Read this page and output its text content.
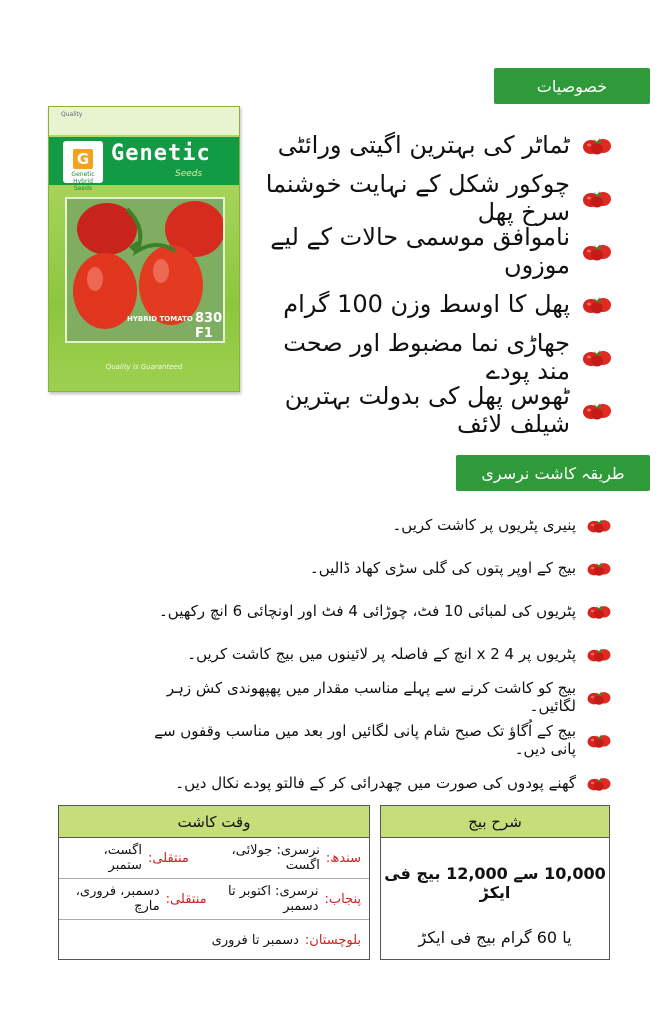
خصوصیات
Quality
G
Genetic Hybrid Seeds
Genetic
Seeds
HYBRID TOMATO 830 F1
Quality is Guaranteed
ٹماٹر کی بہترین اگیتی ورائٹی
چوکور شکل کے نہایت خوشنما سرخ پھل
ناموافق موسمی حالات کے لیے موزوں
پھل کا اوسط وزن 100 گرام
جھاڑی نما مضبوط اور صحت مند پودے
ٹھوس پھل کی بدولت بہترین شیلف لائف
طریقہ کاشت نرسری
پنیری پٹریوں پر کاشت کریں۔
بیج کے اوپر پتوں کی گلی سڑی کھاد ڈالیں۔
پٹریوں کی لمبائی 10 فٹ، چوڑائی 4 فٹ اور اونچائی 6 انچ رکھیں۔
پٹریوں پر 4 x 2 انچ کے فاصلہ پر لائینوں میں بیج کاشت کریں۔
بیج کو کاشت کرنے سے پہلے مناسب مقدار میں پھپھوندی کش زہر لگائیں۔
بیج کے اُگاؤ تک صبح شام پانی لگائیں اور بعد میں مناسب وقفوں سے پانی دیں۔
گھنے پودوں کی صورت میں چھدرائی کر کے فالتو پودے نکال دیں۔
شرح بیج
10,000 سے 12,000 بیج فی ایکڑ
یا 60 گرام بیج فی ایکڑ
وقت کاشت
سندھ:
نرسری: جولائی، اگست
منتقلی:
اگست، ستمبر
پنجاب:
نرسری: اکتوبر تا دسمبر
منتقلی:
دسمبر، فروری، مارچ
بلوچستان:
دسمبر تا فروری
